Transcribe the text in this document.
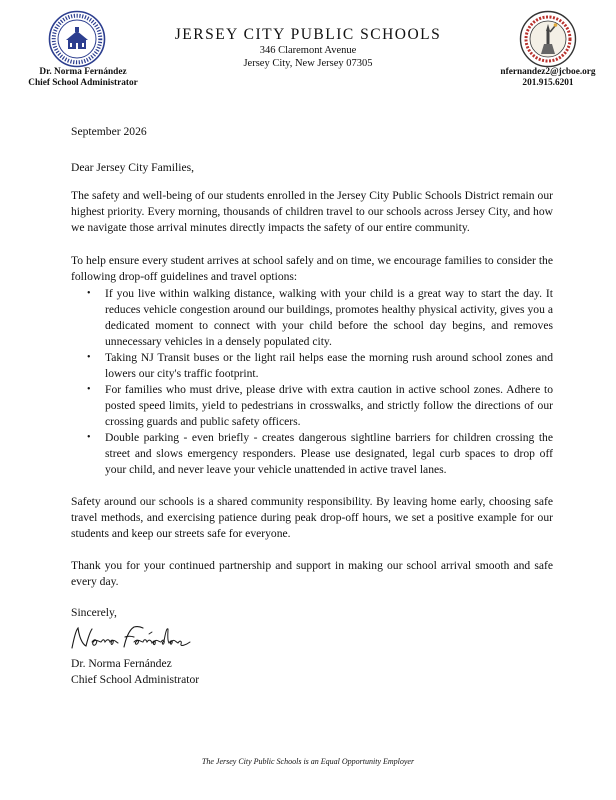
JERSEY CITY PUBLIC SCHOOLS
346 Claremont Avenue
Jersey City, New Jersey 07305
Dr. Norma Fernández
Chief School Administrator
nfernandez2@jcboe.org
201.915.6201
September 2026
Dear Jersey City Families,
The safety and well-being of our students enrolled in the Jersey City Public Schools District remain our highest priority. Every morning, thousands of children travel to our schools across Jersey City, and how we navigate those arrival minutes directly impacts the safety of our entire community.
To help ensure every student arrives at school safely and on time, we encourage families to consider the following drop-off guidelines and travel options:
• If you live within walking distance, walking with your child is a great way to start the day. It reduces vehicle congestion around our buildings, promotes healthy physical activity, gives you a dedicated moment to connect with your child before the school day begins, and removes unnecessary vehicles in a densely populated city.
• Taking NJ Transit buses or the light rail helps ease the morning rush around school zones and lowers our city's traffic footprint.
• For families who must drive, please drive with extra caution in active school zones. Adhere to posted speed limits, yield to pedestrians in crosswalks, and strictly follow the directions of our crossing guards and public safety officers.
• Double parking - even briefly - creates dangerous sightline barriers for children crossing the street and slows emergency responders. Please use designated, legal curb spaces to drop off your child, and never leave your vehicle unattended in active travel lanes.
Safety around our schools is a shared community responsibility. By leaving home early, choosing safe travel methods, and exercising patience during peak drop-off hours, we set a positive example for our students and keep our streets safe for everyone.
Thank you for your continued partnership and support in making our school arrival smooth and safe every day.
Sincerely,
Dr. Norma Fernández
Chief School Administrator
The Jersey City Public Schools is an Equal Opportunity Employer
